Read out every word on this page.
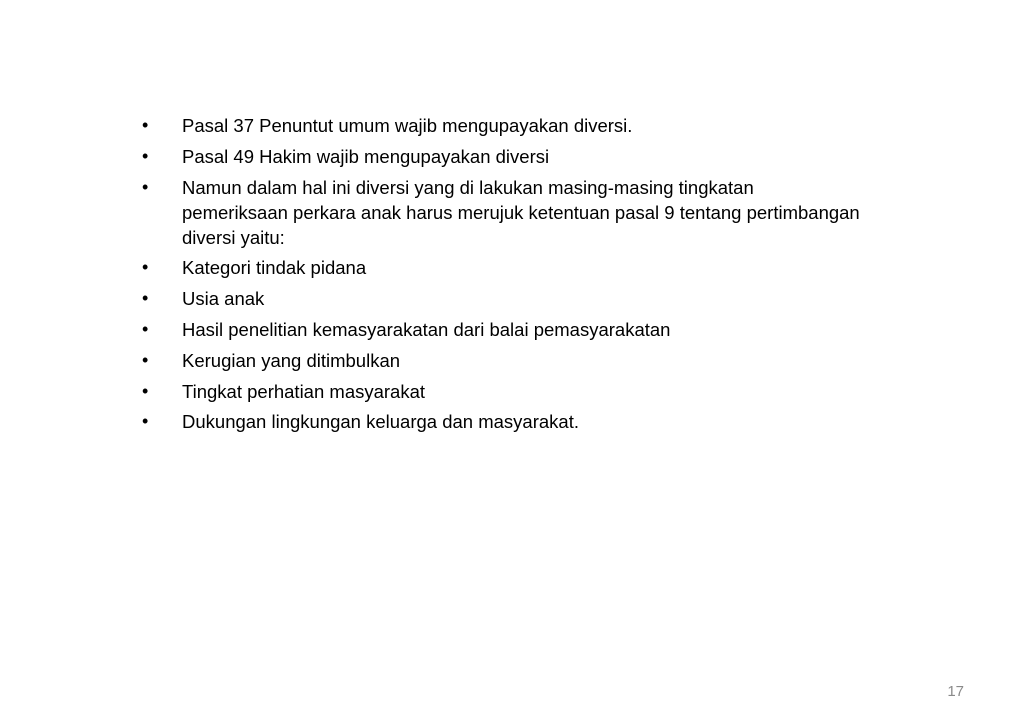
• Pasal 37 Penuntut umum wajib mengupayakan diversi.
• Pasal 49 Hakim wajib mengupayakan diversi
• Namun dalam hal ini diversi yang di lakukan masing-masing tingkatan pemeriksaan perkara anak harus merujuk ketentuan pasal 9 tentang pertimbangan diversi yaitu:
• Kategori tindak pidana
• Usia anak
• Hasil penelitian kemasyarakatan dari balai pemasyarakatan
• Kerugian yang ditimbulkan
• Tingkat perhatian masyarakat
• Dukungan lingkungan keluarga dan masyarakat.
17
